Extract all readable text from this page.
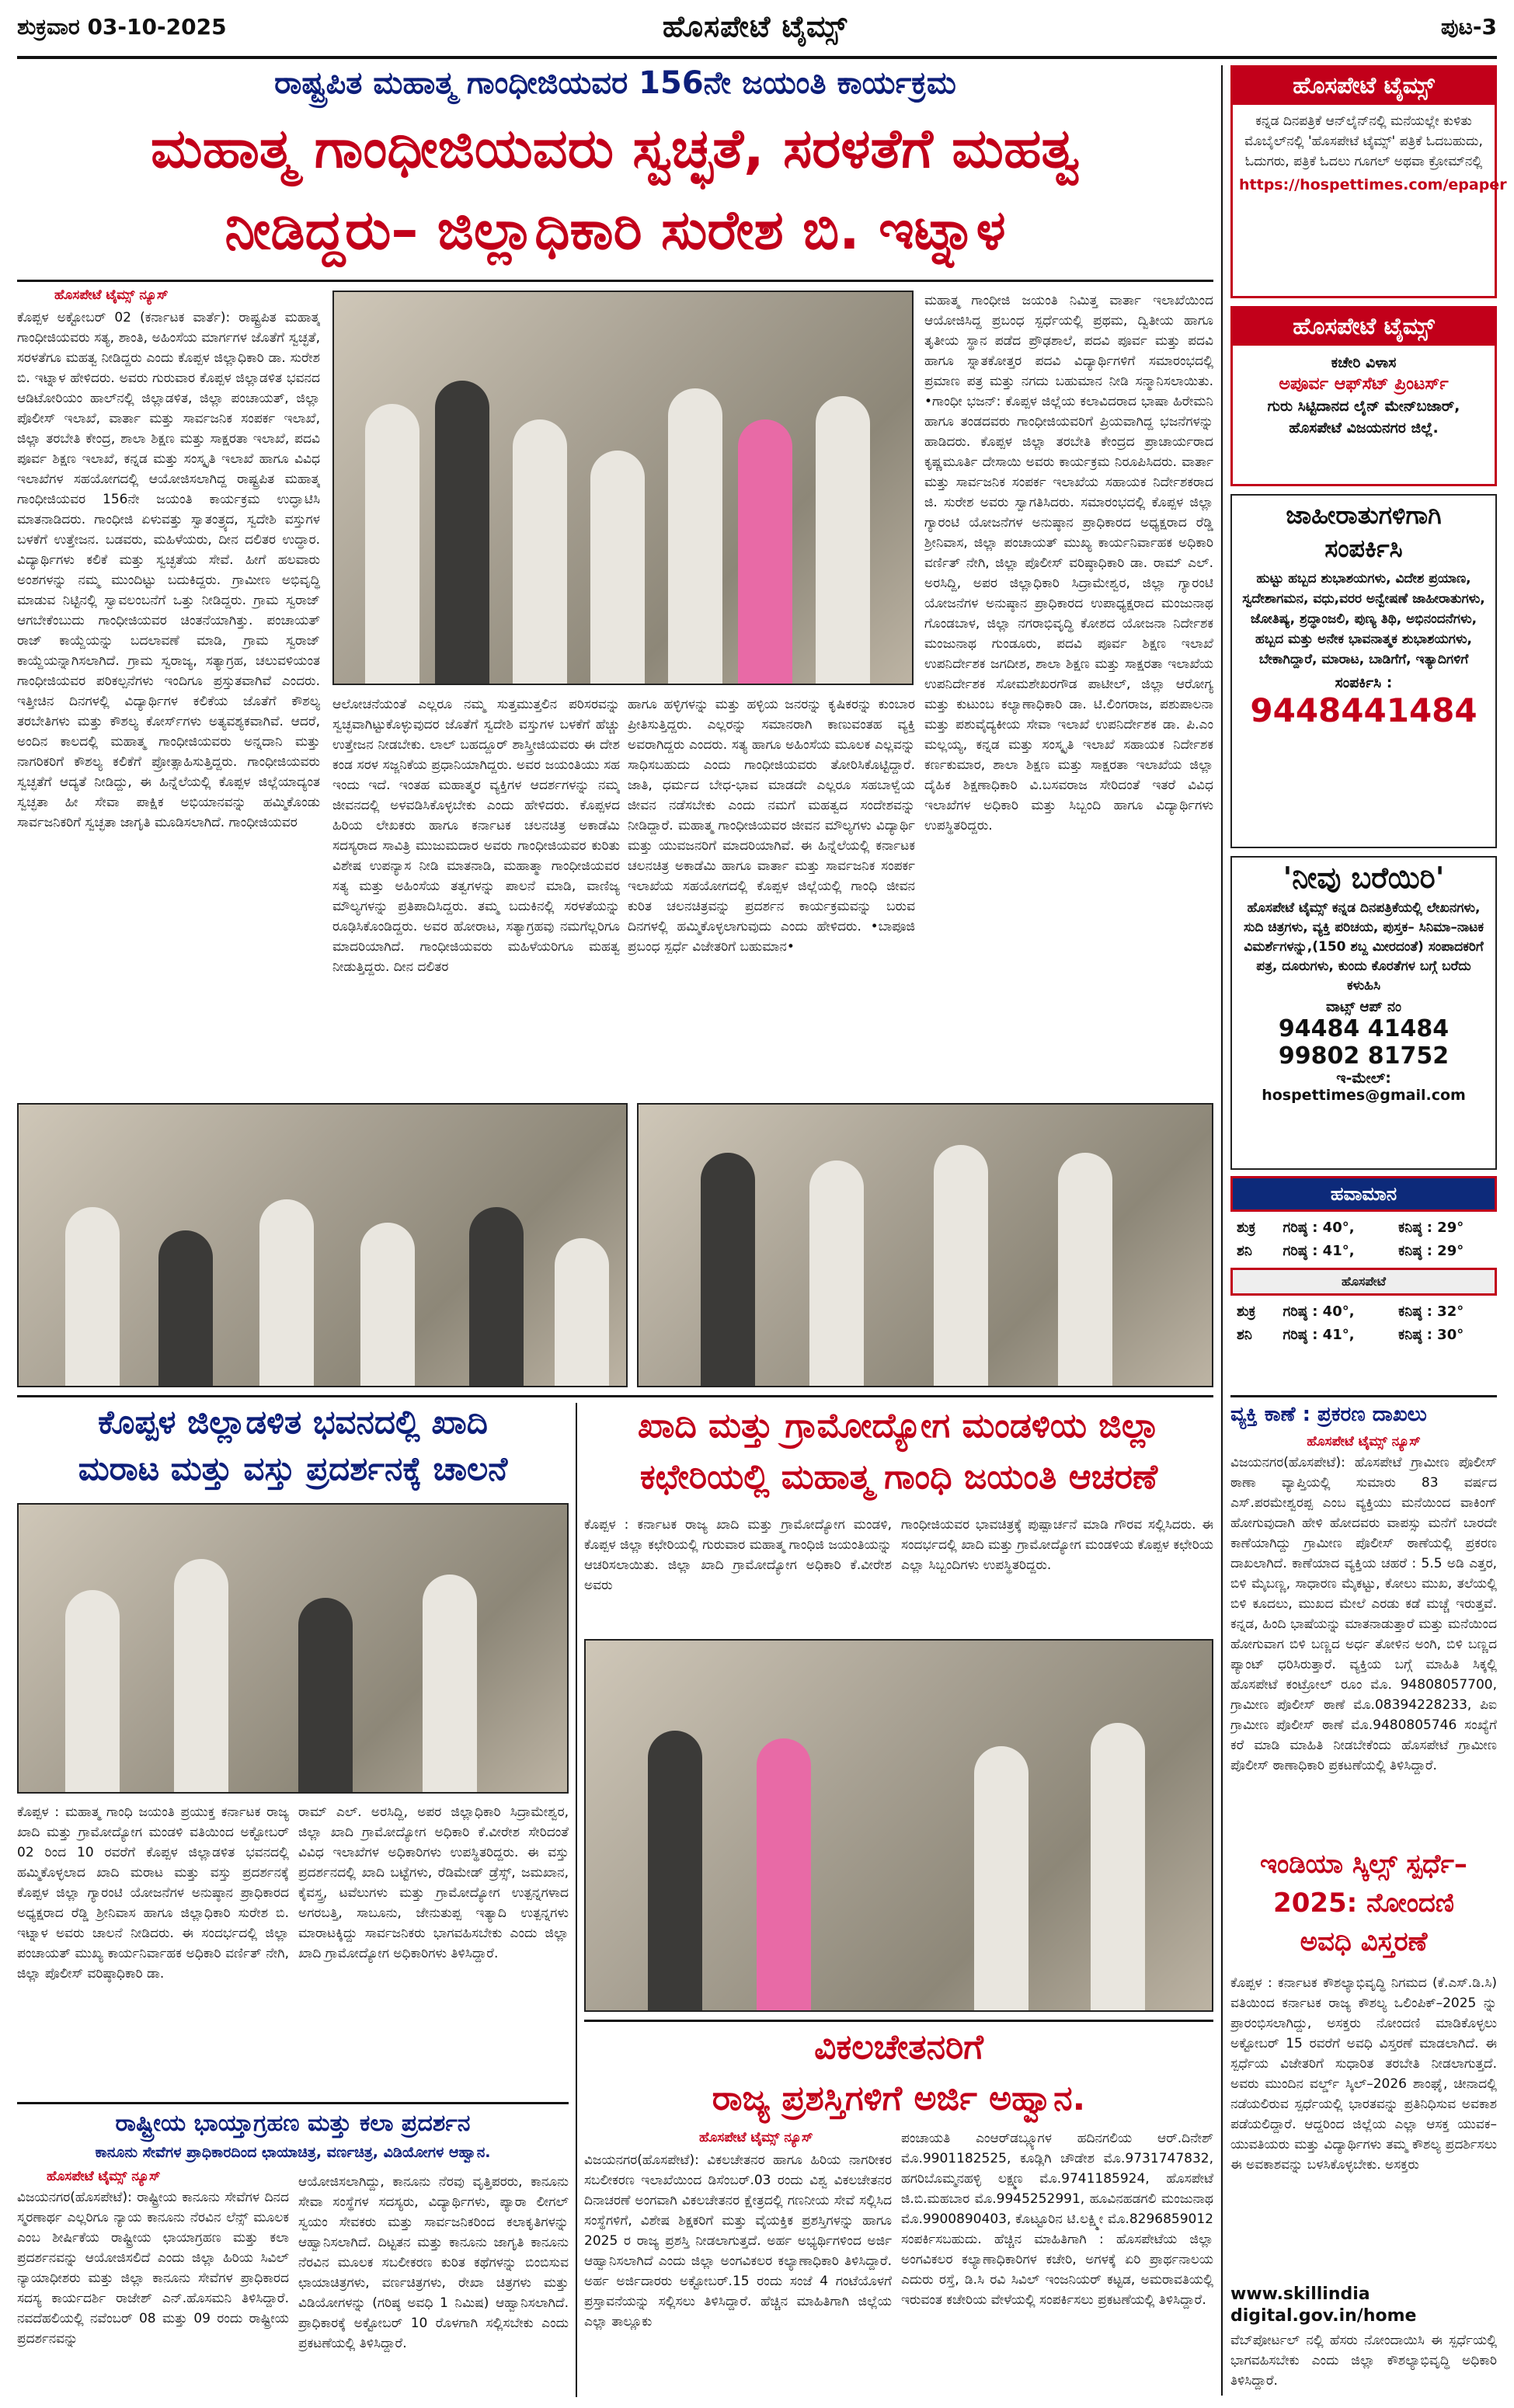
ಶುಕ್ರವಾರ 03-10-2025	ಹೊಸಪೇಟೆ ಟೈಮ್ಸ್	ಪುಟ-3
ರಾಷ್ಟ್ರಪಿತ ಮಹಾತ್ಮ ಗಾಂಧೀಜಿಯವರ 156ನೇ ಜಯಂತಿ ಕಾರ್ಯಕ್ರಮ
ಮಹಾತ್ಮ ಗಾಂಧೀಜಿಯವರು ಸ್ವಚ್ಛತೆ, ಸರಳತೆಗೆ ಮಹತ್ವ
ನೀಡಿದ್ದರು– ಜಿಲ್ಲಾಧಿಕಾರಿ ಸುರೇಶ ಬಿ. ಇಟ್ನಾಳ
ಹೊಸಪೇಟೆ ಟೈಮ್ಸ್ ನ್ಯೂಸ್
ಕೊಪ್ಪಳ ಅಕ್ಟೋಬರ್ 02 (ಕರ್ನಾಟಕ ವಾರ್ತೆ): ರಾಷ್ಟ್ರಪಿತ ಮಹಾತ್ಮ ಗಾಂಧೀಜಿಯವರು ಸತ್ಯ, ಶಾಂತಿ, ಅಹಿಂಸೆಯ ಮಾರ್ಗಗಳ ಜೊತೆಗೆ ಸ್ವಚ್ಛತೆ, ಸರಳತೆಗೂ ಮಹತ್ವ ನೀಡಿದ್ದರು ಎಂದು ಕೊಪ್ಪಳ ಜಿಲ್ಲಾಧಿಕಾರಿ ಡಾ. ಸುರೇಶ ಬಿ. ಇಟ್ನಾಳ ಹೇಳಿದರು. ಅವರು ಗುರುವಾರ ಕೊಪ್ಪಳ ಜಿಲ್ಲಾಡಳಿತ ಭವನದ ಆಡಿಟೋರಿಯಂ ಹಾಲ್‌ನಲ್ಲಿ ಜಿಲ್ಲಾಡಳಿತ, ಜಿಲ್ಲಾ ಪಂಚಾಯತ್, ಜಿಲ್ಲಾ ಪೊಲೀಸ್ ಇಲಾಖೆ, ವಾರ್ತಾ ಮತ್ತು ಸಾರ್ವಜನಿಕ ಸಂಪರ್ಕ ಇಲಾಖೆ, ಜಿಲ್ಲಾ ತರಬೇತಿ ಕೇಂದ್ರ, ಶಾಲಾ ಶಿಕ್ಷಣ ಮತ್ತು ಸಾಕ್ಷರತಾ ಇಲಾಖೆ, ಪದವಿ ಪೂರ್ವ ಶಿಕ್ಷಣ ಇಲಾಖೆ, ಕನ್ನಡ ಮತ್ತು ಸಂಸ್ಕೃತಿ ಇಲಾಖೆ ಹಾಗೂ ವಿವಿಧ ಇಲಾಖೆಗಳ ಸಹಯೋಗದಲ್ಲಿ ಆಯೋಜಿಸಲಾಗಿದ್ದ ರಾಷ್ಟ್ರಪಿತ ಮಹಾತ್ಮ ಗಾಂಧೀಜಿಯವರ 156ನೇ ಜಯಂತಿ ಕಾರ್ಯಕ್ರಮ ಉದ್ಘಾಟಿಸಿ ಮಾತನಾಡಿದರು. ಗಾಂಧೀಜಿ ಏಳುವತ್ತು ಸ್ವಾತಂತ್ರ್ಯದ, ಸ್ವದೇಶಿ ವಸ್ತುಗಳ ಬಳಕೆಗೆ ಉತ್ತೇಜನ. ಬಡವರು, ಮಹಿಳೆಯರು, ದೀನ ದಲಿತರ ಉದ್ಧಾರ. ವಿದ್ಯಾರ್ಥಿಗಳು ಕಲಿಕೆ ಮತ್ತು ಸ್ವಚ್ಛತೆಯ ಸೇವೆ. ಹೀಗೆ ಹಲವಾರು ಅಂಶಗಳನ್ನು ನಮ್ಮ ಮುಂದಿಟ್ಟು ಬದುಕಿದ್ದರು. ಗ್ರಾಮೀಣ ಅಭಿವೃದ್ಧಿ ಮಾಡುವ ನಿಟ್ಟಿನಲ್ಲಿ ಸ್ವಾವಲಂಬನೆಗೆ ಒತ್ತು ನೀಡಿದ್ದರು. ಗ್ರಾಮ ಸ್ವರಾಜ್ ಆಗಬೇಕೆಂಬುದು ಗಾಂಧೀಜಿಯವರ ಚಿಂತನೆಯಾಗಿತ್ತು. ಪಂಚಾಯತ್ ರಾಜ್ ಕಾಯ್ದೆಯನ್ನು ಬದಲಾವಣೆ ಮಾಡಿ, ಗ್ರಾಮ ಸ್ವರಾಜ್ ಕಾಯ್ದೆಯನ್ನಾಗಿಸಲಾಗಿದೆ. ಗ್ರಾಮ ಸ್ವರಾಜ್ಯ, ಸತ್ಯಾಗ್ರಹ, ಚಲುವಳಿಯಂತ ಗಾಂಧೀಜಿಯವರ ಪರಿಕಲ್ಪನೆಗಳು ಇಂದಿಗೂ ಪ್ರಸ್ತುತವಾಗಿವೆ ಎಂದರು. ಇತ್ತೀಚಿನ ದಿನಗಳಲ್ಲಿ ವಿದ್ಯಾರ್ಥಿಗಳ ಕಲಿಕೆಯ ಜೊತೆಗೆ ಕೌಶಲ್ಯ ತರಬೇತಿಗಳು ಮತ್ತು ಕೌಶಲ್ಯ ಕೋರ್ಸ್‌ಗಳು ಅತ್ಯವಶ್ಯಕವಾಗಿವೆ. ಆದರೆ, ಅಂದಿನ ಕಾಲದಲ್ಲಿ ಮಹಾತ್ಮ ಗಾಂಧೀಜಿಯವರು ಅನ್ನದಾನಿ ಮತ್ತು ನಾಗರಿಕರಿಗೆ ಕೌಶಲ್ಯ ಕಲಿಕೆಗೆ ಪ್ರೋತ್ಸಾಹಿಸುತ್ತಿದ್ದರು. ಗಾಂಧೀಜಿಯವರು ಸ್ವಚ್ಛತೆಗೆ ಆದ್ಯತೆ ನೀಡಿದ್ದು, ಈ ಹಿನ್ನೆಲೆಯಲ್ಲಿ ಕೊಪ್ಪಳ ಜಿಲ್ಲೆಯಾದ್ಯಂತ ಸ್ವಚ್ಛತಾ ಹೀ ಸೇವಾ ಪಾಕ್ಷಿಕ ಅಭಿಯಾನವನ್ನು ಹಮ್ಮಿಕೊಂಡು ಸಾರ್ವಜನಿಕರಿಗೆ ಸ್ವಚ್ಛತಾ ಜಾಗೃತಿ ಮೂಡಿಸಲಾಗಿದೆ. ಗಾಂಧೀಜಿಯವರ
ಆಲೋಚನೆಯಂತೆ ಎಲ್ಲರೂ ನಮ್ಮ ಸುತ್ತಮುತ್ತಲಿನ ಪರಿಸರವನ್ನು ಸ್ವಚ್ಛವಾಗಿಟ್ಟುಕೊಳ್ಳುವುದರ ಜೊತೆಗೆ ಸ್ವದೇಶಿ ವಸ್ತುಗಳ ಬಳಕೆಗೆ ಹೆಚ್ಚು ಉತ್ತೇಜನ ನೀಡಬೇಕು. ಲಾಲ್ ಬಹದ್ದೂರ್ ಶಾಸ್ತ್ರೀಜಿಯವರು ಈ ದೇಶ ಕಂಡ ಸರಳ ಸಜ್ಜನಿಕೆಯ ಪ್ರಧಾನಿಯಾಗಿದ್ದರು. ಅವರ ಜಯಂತಿಯು ಸಹ ಇಂದು ಇದೆ. ಇಂತಹ ಮಹಾತ್ಮರ ವ್ಯಕ್ತಿಗಳ ಆದರ್ಶಗಳನ್ನು ನಮ್ಮ ಜೀವನದಲ್ಲಿ ಅಳವಡಿಸಿಕೊಳ್ಳಬೇಕು ಎಂದು ಹೇಳಿದರು. ಕೊಪ್ಪಳದ ಹಿರಿಯ ಲೇಖಕರು ಹಾಗೂ ಕರ್ನಾಟಕ ಚಲನಚಿತ್ರ ಅಕಾಡೆಮಿ ಸದಸ್ಯರಾದ ಸಾವಿತ್ರಿ ಮುಜುಮದಾರ ಅವರು ಗಾಂಧೀಜಿಯವರ ಕುರಿತು ವಿಶೇಷ ಉಪನ್ಯಾಸ ನೀಡಿ ಮಾತನಾಡಿ, ಮಹಾತ್ಮಾ ಗಾಂಧೀಜಿಯವರ ಸತ್ಯ ಮತ್ತು ಅಹಿಂಸೆಯ ತತ್ವಗಳನ್ನು ಪಾಲನೆ ಮಾಡಿ, ವಾಣಿಜ್ಯ ಮೌಲ್ಯಗಳನ್ನು ಪ್ರತಿಪಾದಿಸಿದ್ದರು. ತಮ್ಮ ಬದುಕಿನಲ್ಲಿ ಸರಳತೆಯನ್ನು ರೂಢಿಸಿಕೊಂಡಿದ್ದರು. ಅವರ ಹೋರಾಟ, ಸತ್ಯಾಗ್ರಹವು ನಮಗೆಲ್ಲರಿಗೂ ಮಾದರಿಯಾಗಿದೆ. ಗಾಂಧೀಜಿಯವರು ಮಹಿಳೆಯರಿಗೂ ಮಹತ್ವ ನೀಡುತ್ತಿದ್ದರು. ದೀನ ದಲಿತರ
ಹಾಗೂ ಹಳ್ಳಿಗಳನ್ನು ಮತ್ತು ಹಳ್ಳಿಯ ಜನರನ್ನು ಕೃಷಿಕರನ್ನು ಕುಂಬಾರ ಪ್ರೀತಿಸುತ್ತಿದ್ದರು. ಎಲ್ಲರನ್ನು ಸಮಾನರಾಗಿ ಕಾಣುವಂತಹ ವ್ಯಕ್ತಿ ಅವರಾಗಿದ್ದರು ಎಂದರು. ಸತ್ಯ ಹಾಗೂ ಅಹಿಂಸೆಯ ಮೂಲಕ ಎಲ್ಲವನ್ನು ಸಾಧಿಸಬಹುದು ಎಂದು ಗಾಂಧೀಜಿಯವರು ತೋರಿಸಿಕೊಟ್ಟಿದ್ದಾರೆ. ಜಾತಿ, ಧರ್ಮದ ಬೇಧ-ಭಾವ ಮಾಡದೇ ಎಲ್ಲರೂ ಸಹಬಾಳ್ವೆಯ ಜೀವನ ನಡೆಸಬೇಕು ಎಂದು ನಮಗೆ ಮಹತ್ವದ ಸಂದೇಶವನ್ನು ನೀಡಿದ್ದಾರೆ. ಮಹಾತ್ಮ ಗಾಂಧೀಜಿಯವರ ಜೀವನ ಮೌಲ್ಯಗಳು ವಿದ್ಯಾರ್ಥಿ ಮತ್ತು ಯುವಜನರಿಗೆ ಮಾದರಿಯಾಗಿವೆ. ಈ ಹಿನ್ನೆಲೆಯಲ್ಲಿ ಕರ್ನಾಟಕ ಚಲನಚಿತ್ರ ಅಕಾಡೆಮಿ ಹಾಗೂ ವಾರ್ತಾ ಮತ್ತು ಸಾರ್ವಜನಿಕ ಸಂಪರ್ಕ ಇಲಾಖೆಯ ಸಹಯೋಗದಲ್ಲಿ ಕೊಪ್ಪಳ ಜಿಲ್ಲೆಯಲ್ಲಿ ಗಾಂಧಿ ಜೀವನ ಕುರಿತ ಚಲನಚಿತ್ರವನ್ನು ಪ್ರದರ್ಶನ ಕಾರ್ಯಕ್ರಮವನ್ನು ಬರುವ ದಿನಗಳಲ್ಲಿ ಹಮ್ಮಿಕೊಳ್ಳಲಾಗುವುದು ಎಂದು ಹೇಳಿದರು. •ಬಾಪೂಜಿ ಪ್ರಬಂಧ ಸ್ಪರ್ಧೆ ವಿಜೇತರಿಗೆ ಬಹುಮಾನ•
ಮಹಾತ್ಮ ಗಾಂಧೀಜಿ ಜಯಂತಿ ನಿಮಿತ್ತ ವಾರ್ತಾ ಇಲಾಖೆಯಿಂದ ಆಯೋಜಿಸಿದ್ದ ಪ್ರಬಂಧ ಸ್ಪರ್ಧೆಯಲ್ಲಿ ಪ್ರಥಮ, ದ್ವಿತೀಯ ಹಾಗೂ ತೃತೀಯ ಸ್ಥಾನ ಪಡೆದ ಪ್ರೌಢಶಾಲೆ, ಪದವಿ ಪೂರ್ವ ಮತ್ತು ಪದವಿ ಹಾಗೂ ಸ್ನಾತಕೋತ್ತರ ಪದವಿ ವಿದ್ಯಾರ್ಥಿಗಳಿಗೆ ಸಮಾರಂಭದಲ್ಲಿ ಪ್ರಮಾಣ ಪತ್ರ ಮತ್ತು ನಗದು ಬಹುಮಾನ ನೀಡಿ ಸನ್ಮಾನಿಸಲಾಯಿತು. •ಗಾಂಧೀ ಭಜನ್: ಕೊಪ್ಪಳ ಜಿಲ್ಲೆಯ ಕಲಾವಿದರಾದ ಭಾಷಾ ಹಿರೇಮನಿ ಹಾಗೂ ತಂಡದವರು ಗಾಂಧೀಜಿಯವರಿಗೆ ಪ್ರಿಯವಾಗಿದ್ದ ಭಜನೆಗಳನ್ನು ಹಾಡಿದರು. ಕೊಪ್ಪಳ ಜಿಲ್ಲಾ ತರಬೇತಿ ಕೇಂದ್ರದ ಪ್ರಾಚಾರ್ಯರಾದ ಕೃಷ್ಣಮೂರ್ತಿ ದೇಸಾಯಿ ಅವರು ಕಾರ್ಯಕ್ರಮ ನಿರೂಪಿಸಿದರು. ವಾರ್ತಾ ಮತ್ತು ಸಾರ್ವಜನಿಕ ಸಂಪರ್ಕ ಇಲಾಖೆಯ ಸಹಾಯಕ ನಿರ್ದೇಶಕರಾದ ಜಿ. ಸುರೇಶ ಅವರು ಸ್ವಾಗತಿಸಿದರು. ಸಮಾರಂಭದಲ್ಲಿ ಕೊಪ್ಪಳ ಜಿಲ್ಲಾ ಗ್ಯಾರಂಟಿ ಯೋಜನೆಗಳ ಅನುಷ್ಠಾನ ಪ್ರಾಧಿಕಾರದ ಅಧ್ಯಕ್ಷರಾದ ರೆಡ್ಡಿ ಶ್ರೀನಿವಾಸ, ಜಿಲ್ಲಾ ಪಂಚಾಯತ್ ಮುಖ್ಯ ಕಾರ್ಯನಿರ್ವಾಹಕ ಅಧಿಕಾರಿ ವರ್ಣಿತ್ ನೇಗಿ, ಜಿಲ್ಲಾ ಪೊಲೀಸ್ ವರಿಷ್ಠಾಧಿಕಾರಿ ಡಾ. ರಾಮ್ ಎಲ್. ಅರಸಿದ್ದಿ, ಅಪರ ಜಿಲ್ಲಾಧಿಕಾರಿ ಸಿದ್ರಾಮೇಶ್ವರ, ಜಿಲ್ಲಾ ಗ್ಯಾರಂಟಿ ಯೋಜನೆಗಳ ಅನುಷ್ಠಾನ ಪ್ರಾಧಿಕಾರದ ಉಪಾಧ್ಯಕ್ಷರಾದ ಮಂಜುನಾಥ ಗೊಂಡಬಾಳ, ಜಿಲ್ಲಾ ನಗರಾಭಿವೃದ್ಧಿ ಕೋಶದ ಯೋಜನಾ ನಿರ್ದೇಶಕ ಮಂಜುನಾಥ ಗುಂಡೂರು, ಪದವಿ ಪೂರ್ವ ಶಿಕ್ಷಣ ಇಲಾಖೆ ಉಪನಿರ್ದೇಶಕ ಜಗದೀಶ, ಶಾಲಾ ಶಿಕ್ಷಣ ಮತ್ತು ಸಾಕ್ಷರತಾ ಇಲಾಖೆಯ ಉಪನಿರ್ದೇಶಕ ಸೋಮಶೇಖರಗೌಡ ಪಾಟೀಲ್, ಜಿಲ್ಲಾ ಆರೋಗ್ಯ ಮತ್ತು ಕುಟುಂಬ ಕಲ್ಯಾಣಾಧಿಕಾರಿ ಡಾ. ಟಿ.ಲಿಂಗರಾಜ, ಪಶುಪಾಲನಾ ಮತ್ತು ಪಶುವೈದ್ಯಕೀಯ ಸೇವಾ ಇಲಾಖೆ ಉಪನಿರ್ದೇಶಕ ಡಾ. ಪಿ.ಎಂ ಮಲ್ಲಯ್ಯ, ಕನ್ನಡ ಮತ್ತು ಸಂಸ್ಕೃತಿ ಇಲಾಖೆ ಸಹಾಯಕ ನಿರ್ದೇಶಕ ಕರ್ಣಕುಮಾರ, ಶಾಲಾ ಶಿಕ್ಷಣ ಮತ್ತು ಸಾಕ್ಷರತಾ ಇಲಾಖೆಯ ಜಿಲ್ಲಾ ದೈಹಿಕ ಶಿಕ್ಷಣಾಧಿಕಾರಿ ವಿ.ಬಸವರಾಜ ಸೇರಿದಂತೆ ಇತರೆ ವಿವಿಧ ಇಲಾಖೆಗಳ ಅಧಿಕಾರಿ ಮತ್ತು ಸಿಬ್ಬಂದಿ ಹಾಗೂ ವಿದ್ಯಾರ್ಥಿಗಳು ಉಪಸ್ಥಿತರಿದ್ದರು.
ಕೊಪ್ಪಳ ಜಿಲ್ಲಾಡಳಿತ ಭವನದಲ್ಲಿ ಖಾದಿ
ಮರಾಟ ಮತ್ತು ವಸ್ತು ಪ್ರದರ್ಶನಕ್ಕೆ ಚಾಲನೆ
ಕೊಪ್ಪಳ : ಮಹಾತ್ಮ ಗಾಂಧಿ ಜಯಂತಿ ಪ್ರಯುಕ್ತ ಕರ್ನಾಟಕ ರಾಜ್ಯ ಖಾದಿ ಮತ್ತು ಗ್ರಾಮೋದ್ಯೋಗ ಮಂಡಳಿ ವತಿಯಿಂದ ಅಕ್ಟೋಬರ್ 02 ರಿಂದ 10 ರವರೆಗೆ ಕೊಪ್ಪಳ ಜಿಲ್ಲಾಡಳಿತ ಭವನದಲ್ಲಿ ಹಮ್ಮಿಕೊಳ್ಳಲಾದ ಖಾದಿ ಮರಾಟ ಮತ್ತು ವಸ್ತು ಪ್ರದರ್ಶನಕ್ಕೆ ಕೊಪ್ಪಳ ಜಿಲ್ಲಾ ಗ್ಯಾರಂಟಿ ಯೋಜನೆಗಳ ಅನುಷ್ಠಾನ ಪ್ರಾಧಿಕಾರದ ಅಧ್ಯಕ್ಷರಾದ ರೆಡ್ಡಿ ಶ್ರೀನಿವಾಸ ಹಾಗೂ ಜಿಲ್ಲಾಧಿಕಾರಿ ಸುರೇಶ ಬಿ. ಇಟ್ನಾಳ ಅವರು ಚಾಲನೆ ನೀಡಿದರು. ಈ ಸಂದರ್ಭದಲ್ಲಿ ಜಿಲ್ಲಾ ಪಂಚಾಯತ್ ಮುಖ್ಯ ಕಾರ್ಯನಿರ್ವಾಹಕ ಅಧಿಕಾರಿ ವರ್ಣಿತ್ ನೇಗಿ, ಜಿಲ್ಲಾ ಪೊಲೀಸ್ ವರಿಷ್ಠಾಧಿಕಾರಿ ಡಾ.
ರಾಮ್ ಎಲ್. ಅರಸಿದ್ದಿ, ಅಪರ ಜಿಲ್ಲಾಧಿಕಾರಿ ಸಿದ್ರಾಮೇಶ್ವರ, ಜಿಲ್ಲಾ ಖಾದಿ ಗ್ರಾಮೋದ್ಯೋಗ ಅಧಿಕಾರಿ ಕೆ.ವೀರೇಶ ಸೇರಿದಂತೆ ವಿವಿಧ ಇಲಾಖೆಗಳ ಅಧಿಕಾರಿಗಳು ಉಪಸ್ಥಿತರಿದ್ದರು. ಈ ವಸ್ತು ಪ್ರದರ್ಶನದಲ್ಲಿ ಖಾದಿ ಬಟ್ಟೆಗಳು, ರೆಡಿಮೇಡ್ ಡ್ರೆಸ್ಸ್, ಜಮಖಾನ, ಕೈವಸ್ತ್ರ, ಟವೆಲುಗಳು ಮತ್ತು ಗ್ರಾಮೋದ್ಯೋಗ ಉತ್ಪನ್ನಗಳಾದ ಅಗರಬತ್ತಿ, ಸಾಬೂನು, ಜೇನುತುಪ್ಪ ಇತ್ಯಾದಿ ಉತ್ಪನ್ನಗಳು ಮಾರಾಟಕ್ಕಿದ್ದು ಸಾರ್ವಜನಿಕರು ಭಾಗವಹಿಸಬೇಕು ಎಂದು ಜಿಲ್ಲಾ ಖಾದಿ ಗ್ರಾಮೋದ್ಯೋಗ ಅಧಿಕಾರಿಗಳು ತಿಳಿಸಿದ್ದಾರೆ.
ರಾಷ್ಟ್ರೀಯ ಭಾಯ್ತಾಗ್ರಹಣ ಮತ್ತು ಕಲಾ ಪ್ರದರ್ಶನ
ಕಾನೂನು ಸೇವೆಗಳ ಪ್ರಾಧಿಕಾರದಿಂದ ಛಾಯಾಚಿತ್ರ, ವರ್ಣಚಿತ್ರ, ವಿಡಿಯೋಗಳ ಆಹ್ವಾನ.
ಹೊಸಪೇಟೆ ಟೈಮ್ಸ್ ನ್ಯೂಸ್
ವಿಜಯನಗರ(ಹೊಸಪೇಟೆ): ರಾಷ್ಟ್ರೀಯ ಕಾನೂನು ಸೇವೆಗಳ ದಿನದ ಸ್ಮರಣಾರ್ಥ ಎಲ್ಲರಿಗೂ ನ್ಯಾಯ ಕಾನೂನು ನೆರವಿನ ಲೆನ್ಸ್ ಮೂಲಕ ಎಂಬ ಶೀರ್ಷಿಕೆಯ ರಾಷ್ಟ್ರೀಯ ಛಾಯಾಗ್ರಹಣ ಮತ್ತು ಕಲಾ ಪ್ರದರ್ಶನವನ್ನು ಆಯೋಜಿಸಲಿದೆ ಎಂದು ಜಿಲ್ಲಾ ಹಿರಿಯ ಸಿವಿಲ್ ನ್ಯಾಯಾಧೀಶರು ಮತ್ತು ಜಿಲ್ಲಾ ಕಾನೂನು ಸೇವೆಗಳ ಪ್ರಾಧಿಕಾರದ ಸದಸ್ಯ ಕಾರ್ಯದರ್ಶಿ ರಾಜೇಶ್ ಎನ್.ಹೊಸಮನಿ ತಿಳಿಸಿದ್ದಾರೆ. ನವದೆಹಲಿಯಲ್ಲಿ ನವೆಂಬರ್ 08 ಮತ್ತು 09 ರಂದು ರಾಷ್ಟ್ರೀಯ ಪ್ರದರ್ಶನವನ್ನು
ಆಯೋಜಿಸಲಾಗಿದ್ದು, ಕಾನೂನು ನೆರವು ವೃತ್ತಿಪರರು, ಕಾನೂನು ಸೇವಾ ಸಂಸ್ಥೆಗಳ ಸದಸ್ಯರು, ವಿದ್ಯಾರ್ಥಿಗಳು, ಪ್ಯಾರಾ ಲೀಗಲ್ ಸ್ವಯಂ ಸೇವಕರು ಮತ್ತು ಸಾರ್ವಜನಿಕರಿಂದ ಕಲಾಕೃತಿಗಳನ್ನು ಆಹ್ವಾನಿಸಲಾಗಿದೆ. ದಿಟ್ಟತನ ಮತ್ತು ಕಾನೂನು ಜಾಗೃತಿ ಕಾನೂನು ನೆರವಿನ ಮೂಲಕ ಸಬಲೀಕರಣ ಕುರಿತ ಕಥೆಗಳನ್ನು ಬಿಂಬಿಸುವ ಛಾಯಾಚಿತ್ರಗಳು, ವರ್ಣಚಿತ್ರಗಳು, ರೇಖಾ ಚಿತ್ರಗಳು ಮತ್ತು ವಿಡಿಯೋಗಳನ್ನು (ಗರಿಷ್ಠ ಅವಧಿ 1 ನಿಮಿಷ) ಆಹ್ವಾನಿಸಲಾಗಿದೆ. ಪ್ರಾಧಿಕಾರಕ್ಕೆ ಅಕ್ಟೋಬರ್ 10 ರೊಳಗಾಗಿ ಸಲ್ಲಿಸಬೇಕು ಎಂದು ಪ್ರಕಟಣೆಯಲ್ಲಿ ತಿಳಿಸಿದ್ದಾರೆ.
ಖಾದಿ ಮತ್ತು ಗ್ರಾಮೋದ್ಯೋಗ ಮಂಡಳಿಯ ಜಿಲ್ಲಾ
ಕಛೇರಿಯಲ್ಲಿ ಮಹಾತ್ಮ ಗಾಂಧಿ ಜಯಂತಿ ಆಚರಣೆ
ಕೊಪ್ಪಳ : ಕರ್ನಾಟಕ ರಾಜ್ಯ ಖಾದಿ ಮತ್ತು ಗ್ರಾಮೋದ್ಯೋಗ ಮಂಡಳಿ, ಕೊಪ್ಪಳ ಜಿಲ್ಲಾ ಕಛೇರಿಯಲ್ಲಿ ಗುರುವಾರ ಮಹಾತ್ಮ ಗಾಂಧಿಜಿ ಜಯಂತಿಯನ್ನು ಆಚರಿಸಲಾಯಿತು. ಜಿಲ್ಲಾ ಖಾದಿ ಗ್ರಾಮೋದ್ಯೋಗ ಅಧಿಕಾರಿ ಕೆ.ವೀರೇಶ ಅವರು
ಗಾಂಧೀಜಿಯವರ ಭಾವಚಿತ್ರಕ್ಕೆ ಪುಷ್ಪಾರ್ಚನೆ ಮಾಡಿ ಗೌರವ ಸಲ್ಲಿಸಿದರು. ಈ ಸಂದರ್ಭದಲ್ಲಿ ಖಾದಿ ಮತ್ತು ಗ್ರಾಮೋದ್ಯೋಗ ಮಂಡಳಿಯ ಕೊಪ್ಪಳ ಕಛೇರಿಯ ಎಲ್ಲಾ ಸಿಬ್ಬಂದಿಗಳು ಉಪಸ್ಥಿತರಿದ್ದರು.
ವಿಕಲಚೇತನರಿಗೆ
ರಾಜ್ಯ ಪ್ರಶಸ್ತಿಗಳಿಗೆ ಅರ್ಜಿ ಅಹ್ವಾನ.
ಹೊಸಪೇಟೆ ಟೈಮ್ಸ್ ನ್ಯೂಸ್
ವಿಜಯನಗರ(ಹೊಸಪೇಟೆ): ವಿಕಲಚೇತನರ ಹಾಗೂ ಹಿರಿಯ ನಾಗರೀಕರ ಸಬಲೀಕರಣ ಇಲಾಖೆಯಿಂದ ಡಿಸೆಂಬರ್.03 ರಂದು ವಿಶ್ವ ವಿಕಲಚೇತನರ ದಿನಾಚರಣೆ ಅಂಗವಾಗಿ ವಿಕಲಚೇತನರ ಕ್ಷೇತ್ರದಲ್ಲಿ ಗಣನೀಯ ಸೇವೆ ಸಲ್ಲಿಸಿದ ಸಂಸ್ಥೆಗಳಿಗೆ, ವಿಶೇಷ ಶಿಕ್ಷಕರಿಗೆ ಮತ್ತು ವೈಯಕ್ತಿಕ ಪ್ರಶಸ್ತಿಗಳನ್ನು ಹಾಗೂ 2025 ರ ರಾಜ್ಯ ಪ್ರಶಸ್ತಿ ನೀಡಲಾಗುತ್ತದೆ. ಅರ್ಹ ಅಭ್ಯರ್ಥಿಗಳಿಂದ ಅರ್ಜಿ ಆಹ್ವಾನಿಸಲಾಗಿದೆ ಎಂದು ಜಿಲ್ಲಾ ಅಂಗವಿಕಲರ ಕಲ್ಯಾಣಾಧಿಕಾರಿ ತಿಳಿಸಿದ್ದಾರೆ. ಅರ್ಹ ಅರ್ಜಿದಾರರು ಅಕ್ಟೋಬರ್.15 ರಂದು ಸಂಜೆ 4 ಗಂಟೆಯೊಳಗೆ ಪ್ರಸ್ತಾವನೆಯನ್ನು ಸಲ್ಲಿಸಲು ತಿಳಿಸಿದ್ದಾರೆ. ಹೆಚ್ಚಿನ ಮಾಹಿತಿಗಾಗಿ ಜಿಲ್ಲೆಯ ಎಲ್ಲಾ ತಾಲ್ಲೂಕು
ಪಂಚಾಯತಿ ಎಂಆರ್‌ಡಬ್ಲ್ಯೂಗಳ ಹದಿನಗಲಿಯ ಆರ್.ದಿನೇಶ್ ಮೊ.9901182525, ಕೂಡ್ಲಿಗಿ ಚೌಡೇಶ ಮೊ.9731747832, ಹಗರಿಬೊಮ್ಮನಹಳ್ಳಿ ಲಕ್ಷ್ಮಣ ಮೊ.9741185924, ಹೊಸಪೇಟೆ ಜಿ.ಬಿ.ಮಹಬಾರ ಮೊ.9945252991, ಹೂವಿನಹಡಗಲಿ ಮಂಜುನಾಥ ಮೊ.9900890403, ಕೊಟ್ಟೂರಿನ ಟಿ.ಲಕ್ಷ್ಮೀ ಮೊ.8296859012 ಸಂಪರ್ಕಿಸಬಹುದು. ಹೆಚ್ಚಿನ ಮಾಹಿತಿಗಾಗಿ : ಹೊಸಪೇಟೆಯ ಜಿಲ್ಲಾ ಅಂಗವಿಕಲರ ಕಲ್ಯಾಣಾಧಿಕಾರಿಗಳ ಕಚೇರಿ, ಅಗಳಕ್ಕೆ ಏರಿ ಪ್ರಾರ್ಥನಾಲಯ ಎದುರು ರಸ್ತೆ, ಡಿ.ಸಿ ರವಿ ಸಿವಿಲ್ ಇಂಜನಿಯರ್ ಕಟ್ಟಡ, ಅಮರಾವತಿಯಲ್ಲಿ ಇರುವಂತ ಕಚೇರಿಯ ವೇಳೆಯಲ್ಲಿ ಸಂಪರ್ಕಿಸಲು ಪ್ರಕಟಣೆಯಲ್ಲಿ ತಿಳಿಸಿದ್ದಾರೆ.
ಹೊಸಪೇಟೆ ಟೈಮ್ಸ್
ಕನ್ನಡ ದಿನಪತ್ರಿಕೆ ಆನ್‌ಲೈನ್‌ನಲ್ಲಿ ಮನೆಯಲ್ಲೇ ಕುಳಿತು ಮೊಬೈಲ್‌ನಲ್ಲಿ 'ಹೊಸಪೇಟೆ ಟೈಮ್ಸ್' ಪತ್ರಿಕೆ ಓದಬಹುದು, ಓದುಗರು, ಪತ್ರಿಕೆ ಓದಲು ಗೂಗಲ್ ಅಥವಾ ಕ್ರೋಮ್‌ನಲ್ಲಿ
https://hospettimes.com/epaper
ಹೊಸಪೇಟೆ ಟೈಮ್ಸ್
ಕಚೇರಿ ವಿಳಾಸ
ಅಪೂರ್ವ ಆಫ್‌ಸೆಟ್ ಪ್ರಿಂಟರ್ಸ್
ಗುರು ಸಿಟ್ಟಿದಾನದ ಲೈನ್ ಮೇನ್‌ಬಜಾರ್, ಹೊಸಪೇಟೆ ವಿಜಯನಗರ ಜಿಲ್ಲೆ.
ಜಾಹೀರಾತುಗಳಿಗಾಗಿ
ಸಂಪರ್ಕಿಸಿ
ಹುಟ್ಟು ಹಬ್ಬದ ಶುಭಾಶಯಗಳು, ವಿದೇಶ ಪ್ರಯಾಣ, ಸ್ವದೇಶಾಗಮನ, ವಧು,ವರರ ಅನ್ವೇಷಣೆ ಜಾಹೀರಾತುಗಳು, ಜೋತಿಷ್ಯ, ಶ್ರದ್ಧಾಂಜಲಿ, ಪುಣ್ಯ ತಿಥಿ, ಅಭಿನಂದನೆಗಳು, ಹಬ್ಬದ ಮತ್ತು ಅನೇಕ ಭಾವನಾತ್ಮಕ ಶುಭಾಶಯಗಳು, ಬೇಕಾಗಿದ್ದಾರೆ, ಮಾರಾಟ, ಬಾಡಿಗೆಗೆ, ಇತ್ಯಾದಿಗಳಿಗೆ
ಸಂಪರ್ಕಿಸಿ :
9448441484
'ನೀವು ಬರೆಯಿರಿ'
ಹೊಸಪೇಟೆ ಟೈಮ್ಸ್ ಕನ್ನಡ ದಿನಪತ್ರಿಕೆಯಲ್ಲಿ ಲೇಖನಗಳು, ಸುದಿ ಚಿತ್ರಗಳು, ವ್ಯಕ್ತಿ ಪರಿಚಯ, ಪುಸ್ತಕ– ಸಿನಿಮಾ–ನಾಟಕ ವಿಮರ್ಶೆಗಳನ್ನು,(150 ಶಬ್ದ ಮೀರದಂತೆ) ಸಂಪಾದಕರಿಗೆ ಪತ್ರ, ದೂರುಗಳು, ಕುಂದು ಕೊರತೆಗಳ ಬಗ್ಗೆ ಬರೆದು ಕಳುಹಿಸಿ
ವಾಟ್ಸ್ ಆಪ್ ನಂ
94484 41484
99802 81752
ಇ-ಮೇಲ್: hospettimes@gmail.com
ಹವಾಮಾನ
ಶುಕ್ರ	ಗರಿಷ್ಠ : 40°,	ಕನಿಷ್ಠ : 29°
ಶನಿ	ಗರಿಷ್ಠ : 41°,	ಕನಿಷ್ಠ : 29°
ಹೊಸಪೇಟೆ
ಶುಕ್ರ	ಗರಿಷ್ಠ : 40°,	ಕನಿಷ್ಠ : 32°
ಶನಿ	ಗರಿಷ್ಠ : 41°,	ಕನಿಷ್ಠ : 30°
ವ್ಯಕ್ತಿ ಕಾಣೆ : ಪ್ರಕರಣ ದಾಖಲು
ಹೊಸಪೇಟೆ ಟೈಮ್ಸ್ ನ್ಯೂಸ್
ವಿಜಯನಗರ(ಹೊಸಪೇಟೆ): ಹೊಸಪೇಟೆ ಗ್ರಾಮೀಣ ಪೊಲೀಸ್ ಠಾಣಾ ವ್ಯಾಪ್ತಿಯಲ್ಲಿ ಸುಮಾರು 83 ವರ್ಷದ ಎಸ್.ಪರಮೇಶ್ವರಪ್ಪ ಎಂಬ ವ್ಯಕ್ತಿಯು ಮನೆಯಿಂದ ವಾಕಿಂಗ್ ಹೋಗುವುದಾಗಿ ಹೇಳಿ ಹೋದವರು ವಾಪಸ್ಸು ಮನೆಗೆ ಬಾರದೇ ಕಾಣೆಯಾಗಿದ್ದು ಗ್ರಾಮೀಣ ಪೊಲೀಸ್ ಠಾಣೆಯಲ್ಲಿ ಪ್ರಕರಣ ದಾಖಲಾಗಿದೆ. ಕಾಣೆಯಾದ ವ್ಯಕ್ತಿಯ ಚಹರೆ : 5.5 ಅಡಿ ಎತ್ತರ, ಬಿಳಿ ಮೈಬಣ್ಣ, ಸಾಧಾರಣ ಮೈಕಟ್ಟು, ಕೋಲು ಮುಖ, ತಲೆಯಲ್ಲಿ ಬಿಳಿ ಕೂದಲು, ಮುಖದ ಮೇಲೆ ಎರಡು ಕಡೆ ಮಚ್ಚೆ ಇರುತ್ತವೆ. ಕನ್ನಡ, ಹಿಂದಿ ಭಾಷೆಯನ್ನು ಮಾತನಾಡುತ್ತಾರೆ ಮತ್ತು ಮನೆಯಿಂದ ಹೋಗುವಾಗ ಬಿಳಿ ಬಣ್ಣದ ಅರ್ಧ ತೋಳಿನ ಅಂಗಿ, ಬಿಳಿ ಬಣ್ಣದ ಪ್ಯಾಂಟ್ ಧರಿಸಿರುತ್ತಾರೆ. ವ್ಯಕ್ತಿಯ ಬಗ್ಗೆ ಮಾಹಿತಿ ಸಿಕ್ಕಲ್ಲಿ ಹೊಸಪೇಟೆ ಕಂಟ್ರೋಲ್ ರೂಂ ಮೊ. 94808057700, ಗ್ರಾಮೀಣ ಪೊಲೀಸ್ ಠಾಣೆ ಮೊ.08394228233, ಪಿಐ ಗ್ರಾಮೀಣ ಪೊಲೀಸ್ ಠಾಣೆ ಮೊ.9480805746 ಸಂಖ್ಯೆಗೆ ಕರೆ ಮಾಡಿ ಮಾಹಿತಿ ನೀಡಬೇಕೆಂದು ಹೊಸಪೇಟೆ ಗ್ರಾಮೀಣ ಪೊಲೀಸ್ ಠಾಣಾಧಿಕಾರಿ ಪ್ರಕಟಣೆಯಲ್ಲಿ ತಿಳಿಸಿದ್ದಾರೆ.
ಇಂಡಿಯಾ ಸ್ಕಿಲ್ಸ್ ಸ್ಪರ್ಧೆ–
2025: ನೋಂದಣಿ
ಅವಧಿ ವಿಸ್ತರಣೆ
ಕೊಪ್ಪಳ : ಕರ್ನಾಟಕ ಕೌಶಲ್ಯಾಭಿವೃದ್ಧಿ ನಿಗಮದ (ಕೆ.ಎಸ್.ಡಿ.ಸಿ) ವತಿಯಿಂದ ಕರ್ನಾಟಕ ರಾಜ್ಯ ಕೌಶಲ್ಯ ಒಲಿಂಪಿಕ್–2025 ನ್ನು ಪ್ರಾರಂಭಿಸಲಾಗಿದ್ದು, ಅಸಕ್ತರು ನೋಂದಣಿ ಮಾಡಿಕೊಳ್ಳಲು ಅಕ್ಟೋಬರ್ 15 ರವರೆಗೆ ಅವಧಿ ವಿಸ್ತರಣೆ ಮಾಡಲಾಗಿದೆ. ಈ ಸ್ಪರ್ಧೆಯ ವಿಜೇತರಿಗೆ ಸುಧಾರಿತ ತರಬೇತಿ ನೀಡಲಾಗುತ್ತದೆ. ಅವರು ಮುಂದಿನ ವರ್ಲ್ಡ್ ಸ್ಕಿಲ್–2026 ಶಾಂಘೈ, ಚೀನಾದಲ್ಲಿ ನಡೆಯಲಿರುವ ಸ್ಪರ್ಧೆಯಲ್ಲಿ ಭಾರತವನ್ನು ಪ್ರತಿನಿಧಿಸುವ ಅವಕಾಶ ಪಡೆಯಲಿದ್ದಾರೆ. ಆದ್ದರಿಂದ ಜಿಲ್ಲೆಯ ಎಲ್ಲಾ ಆಸಕ್ತ ಯುವಕ–ಯುವತಿಯರು ಮತ್ತು ವಿದ್ಯಾರ್ಥಿಗಳು ತಮ್ಮ ಕೌಶಲ್ಯ ಪ್ರದರ್ಶಿಸಲು ಈ ಅವಕಾಶವನ್ನು ಬಳಸಿಕೊಳ್ಳಬೇಕು. ಅಸಕ್ತರು
www.skillindia digital.gov.in/home
ವೆಬ್‌ಪೋರ್ಟಲ್ ನಲ್ಲಿ ಹೆಸರು ನೋಂದಾಯಿಸಿ ಈ ಸ್ಪರ್ಧೆಯಲ್ಲಿ ಭಾಗವಹಿಸಬೇಕು ಎಂದು ಜಿಲ್ಲಾ ಕೌಶಲ್ಯಾಭಿವೃದ್ಧಿ ಅಧಿಕಾರಿ ತಿಳಿಸಿದ್ದಾರೆ.
